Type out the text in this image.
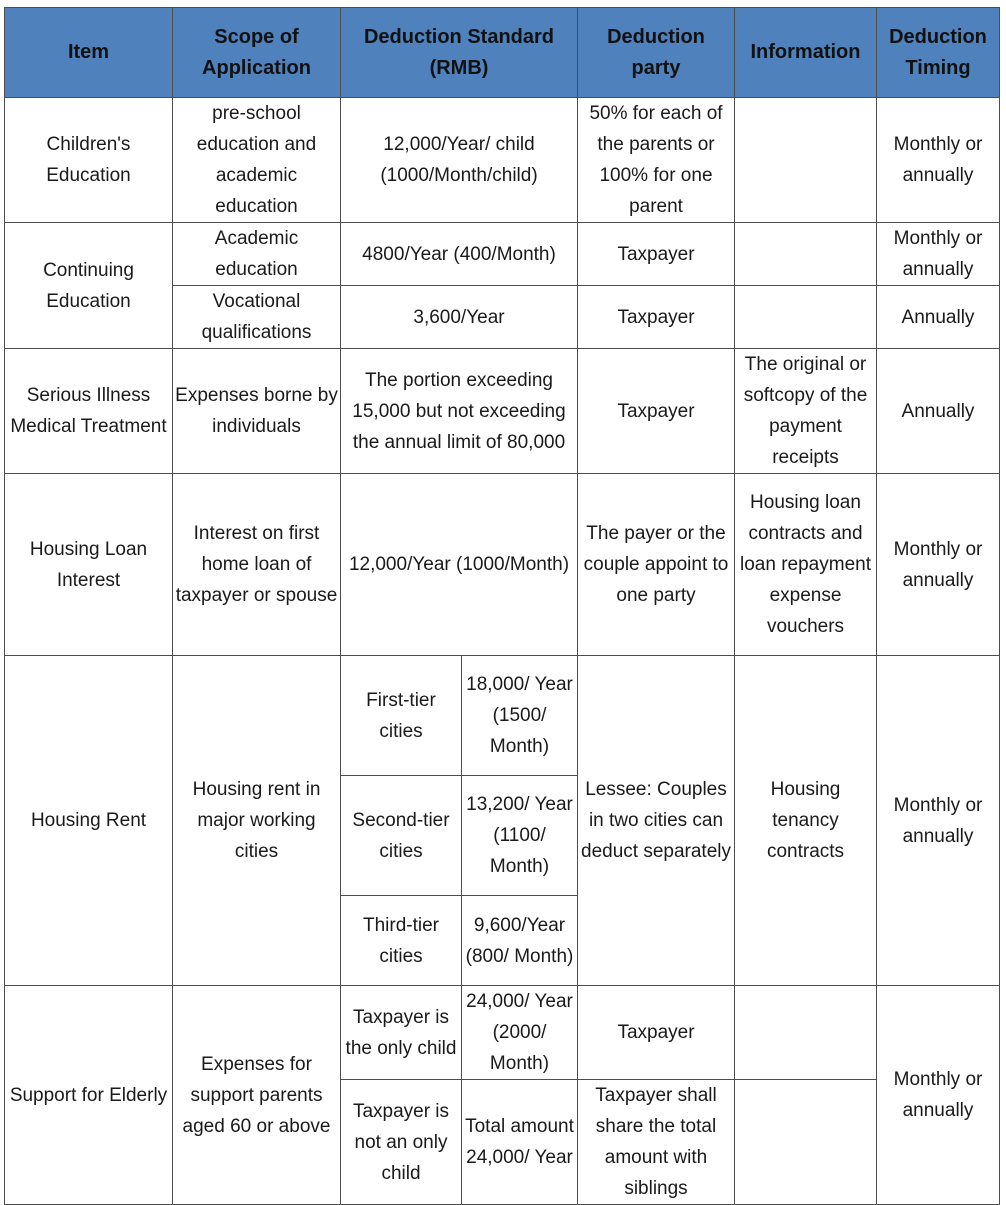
Item	Scope of Application	Deduction Standard (RMB)		Deduction party	Information	Deduction Timing
Children's Education	pre-school education and academic education	12,000/Year/ child (1000/Month/child)		50% for each of the parents or 100% for one parent		Monthly or annually
Continuing Education	Academic education	4800/Year (400/Month)		Taxpayer		Monthly or annually
	Vocational qualifications	3,600/Year		Taxpayer		Annually
Serious Illness Medical Treatment	Expenses borne by individuals	The portion exceeding 15,000 but not exceeding the annual limit of 80,000		Taxpayer	The original or softcopy of the payment receipts	Annually
Housing Loan Interest	Interest on first home loan of taxpayer or spouse	12,000/Year (1000/Month)		The payer or the couple appoint to one party	Housing loan contracts and loan repayment expense vouchers	Monthly or annually
Housing Rent	Housing rent in major working cities	First-tier cities	18,000/ Year (1500/ Month)	Lessee: Couples in two cities can deduct separately	Housing tenancy contracts	Monthly or annually
		Second-tier cities	13,200/ Year (1100/ Month)			
		Third-tier cities	9,600/Year (800/ Month)			
Support for Elderly	Expenses for support parents aged 60 or above	Taxpayer is the only child	24,000/ Year (2000/ Month)	Taxpayer		Monthly or annually
		Taxpayer is not an only child	Total amount 24,000/ Year	Taxpayer shall share the total amount with siblings		
